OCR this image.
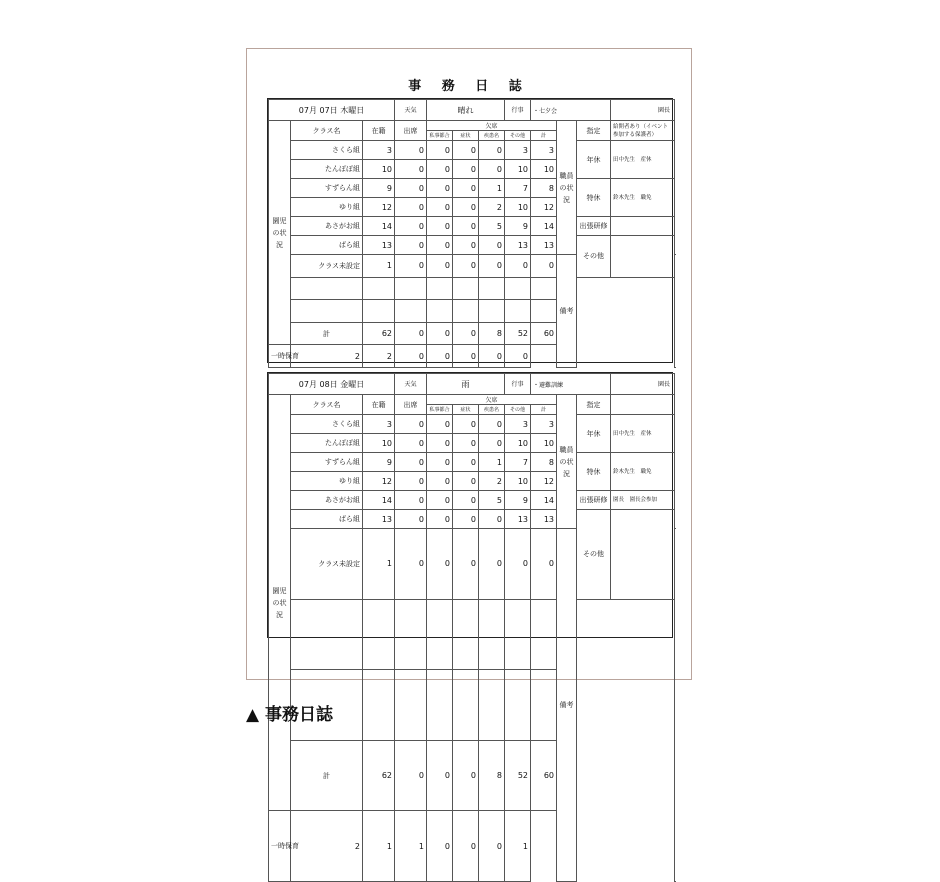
事 務 日 誌
07月 07日 木曜日			天気	晴れ			行事	・七夕会			園長	
園児の状況	クラス名	在籍	出席	欠席					職員の状況	指定	給開者あり（イベント参加する保護者）	
				私事都合	症状	疾患名	その他	計				
	さくら組	3	0	0	0	0	3	3		年休	田中先生　産休	
	たんぽぽ組	10	0	0	0	0	10	10				
	すずらん組	9	0	0	0	1	7	8		特休	鈴木先生　職免	
	ゆり組	12	0	0	0	2	10	12				
	あさがお組	14	0	0	0	5	9	14		出張研修		
	ばら組	13	0	0	0	0	13	13		その他		
	クラス未設定	1	0	0	0	0	0	0	備考	

	計	62	0	0	0	8	52	60				
一時保育	2	2	0	0	0	0	0					
07月 08日 金曜日			天気	雨			行事	・避難訓練			園長	
園児の状況	クラス名	在籍	出席	欠席					職員の状況	指定		
				私事都合	症状	疾患名	その他	計				
	さくら組	3	0	0	0	0	3	3		年休	田中先生　産休	
	たんぽぽ組	10	0	0	0	0	10	10				
	すずらん組	9	0	0	0	1	7	8		特休	鈴木先生　職免	
	ゆり組	12	0	0	0	2	10	12				
	あさがお組	14	0	0	0	5	9	14		出張研修	園長　園長会参加	
	ばら組	13	0	0	0	0	13	13		その他		
	クラス未設定	1	0	0	0	0	0	0	備考	

	計	62	0	0	0	8	52	60				
一時保育	2	1	1	0	0	0	1					
▲ 事務日誌
